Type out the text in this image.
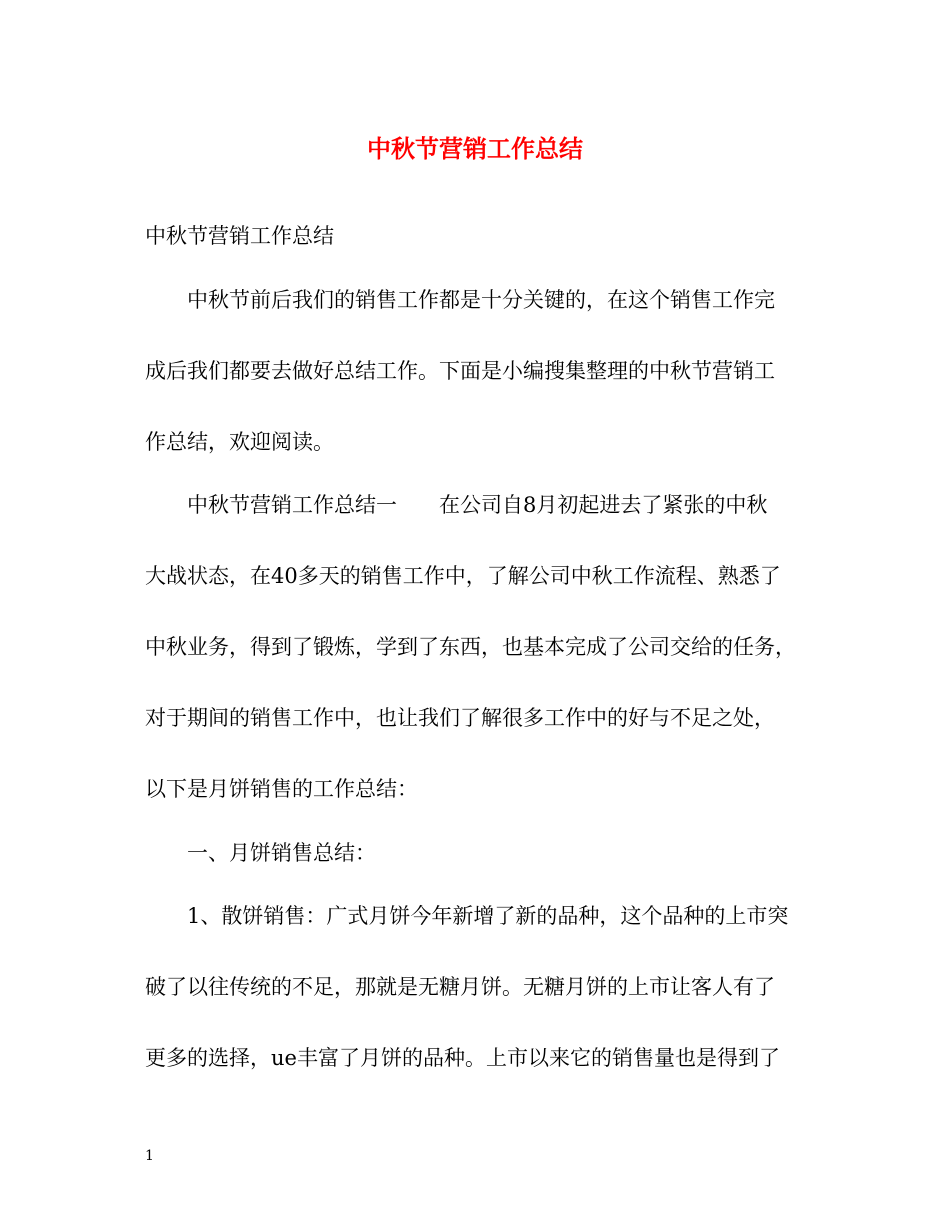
中秋节营销工作总结
中秋节营销工作总结
中秋节前后我们的销售工作都是十分关键的，在这个销售工作完
成后我们都要去做好总结工作。下面是小编搜集整理的中秋节营销工
作总结，欢迎阅读。
中秋节营销工作总结一　　在公司自8月初起进去了紧张的中秋
大战状态，在40多天的销售工作中，了解公司中秋工作流程、熟悉了
中秋业务，得到了锻炼，学到了东西，也基本完成了公司交给的任务，
对于期间的销售工作中，也让我们了解很多工作中的好与不足之处，
以下是月饼销售的工作总结：
一、月饼销售总结：
1、散饼销售：广式月饼今年新增了新的品种，这个品种的上市突
破了以往传统的不足，那就是无糖月饼。无糖月饼的上市让客人有了
更多的选择，ue丰富了月饼的品种。上市以来它的销售量也是得到了
1
